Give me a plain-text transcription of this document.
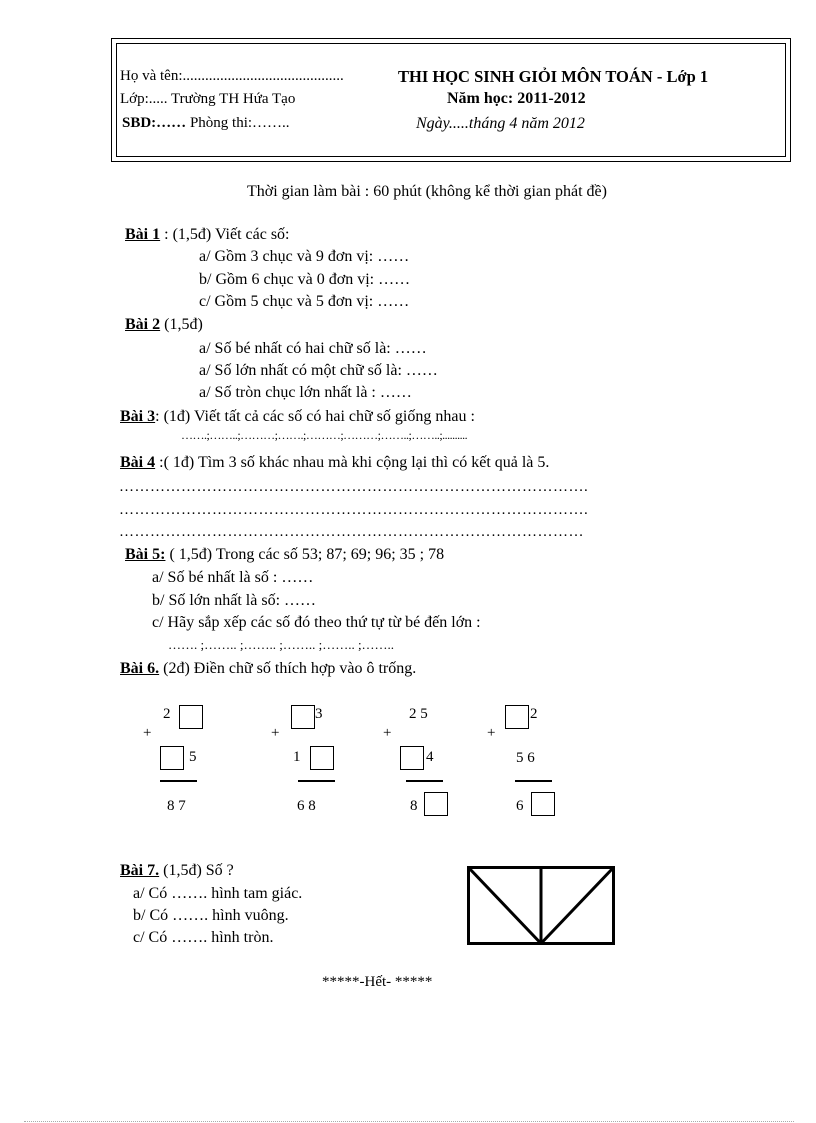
Họ và tên:...........................................
Lớp:..... Trường TH Hứa Tạo
SBD:…… Phòng thi:……..
THI HỌC SINH GIỎI MÔN TOÁN - Lớp 1
Năm học: 2011-2012
Ngày.....tháng 4 năm 2012
Thời gian làm bài : 60 phút (không kể thời gian phát đề)
Bài 1 : (1,5đ) Viết các số:
a/ Gồm 3 chục và 9 đơn vị: ……
b/ Gồm 6 chục và 0 đơn vị: ……
c/ Gồm 5 chục và 5 đơn vị: ……
Bài 2 (1,5đ)
a/ Số bé nhất có hai chữ số là: ……
a/ Số lớn nhất có một chữ số là: ……
a/ Số tròn chục lớn nhất là : ……
Bài 3: (1đ) Viết tất cả các số có hai chữ số giống nhau :
…….;……..;………;…….;………;………;……..;……..;..........
Bài 4 :( 1đ) Tìm 3 số khác nhau mà khi cộng lại thì có kết quả là 5.
……………………………………………………………………………….
……………………………………………………………………………….
………………………………………………………………………………
Bài 5: ( 1,5đ) Trong các số 53; 87; 69; 96; 35 ; 78
a/ Số bé nhất là số : ……
b/ Số lớn nhất là số: ……
c/ Hãy sắp xếp các số đó theo thứ tự từ bé đến lớn :
……. ;…….. ;…….. ;…….. ;…….. ;……..
Bài 6. (2đ) Điền chữ số thích hợp vào ô trống.
2
+
5
8 7
3
+
1
6 8
2 5
+
4
8
2
+
5 6
6
Bài 7. (1,5đ) Số ?
a/ Có ……. hình tam giác.
b/ Có ……. hình vuông.
c/ Có ……. hình tròn.
*****-Hết- *****
